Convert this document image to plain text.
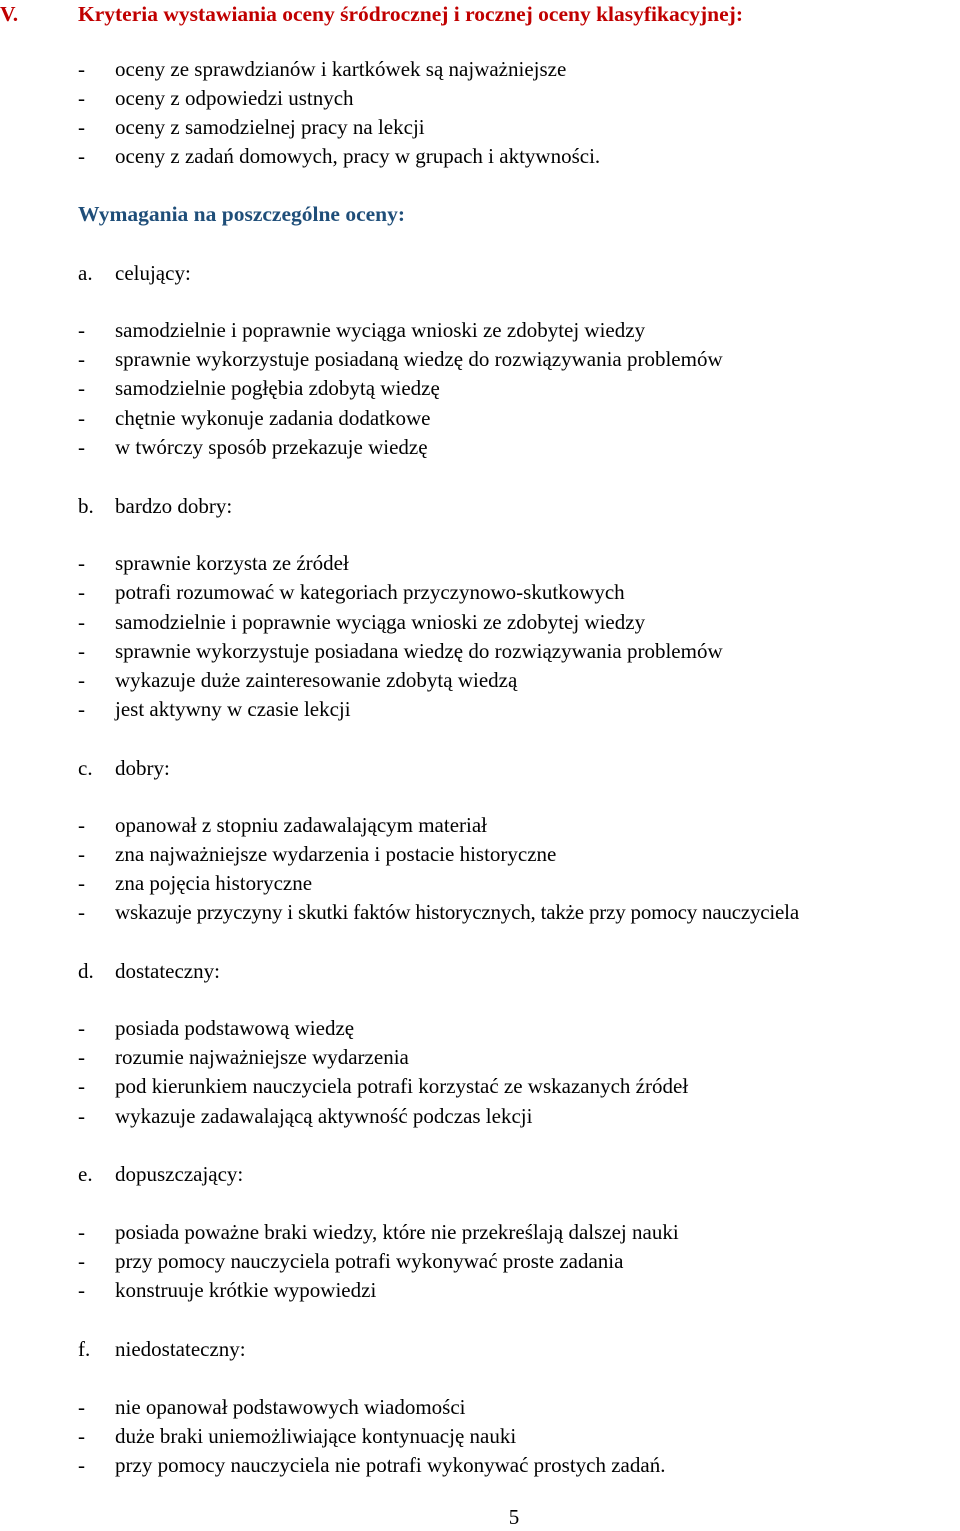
V.	Kryteria wystawiania oceny śródrocznej i rocznej oceny klasyfikacyjnej:
- oceny ze sprawdzianów i kartkówek są najważniejsze
- oceny z odpowiedzi ustnych
- oceny z samodzielnej pracy na lekcji
- oceny z zadań domowych, pracy w grupach i aktywności.
Wymagania na poszczególne oceny:
a. celujący:
- samodzielnie i poprawnie wyciąga wnioski ze zdobytej wiedzy
- sprawnie wykorzystuje posiadaną wiedzę do rozwiązywania problemów
- samodzielnie pogłębia zdobytą wiedzę
- chętnie wykonuje zadania dodatkowe
- w twórczy sposób przekazuje wiedzę
b. bardzo dobry:
- sprawnie korzysta ze źródeł
- potrafi rozumować w kategoriach przyczynowo-skutkowych
- samodzielnie i poprawnie wyciąga wnioski ze zdobytej wiedzy
- sprawnie wykorzystuje posiadana wiedzę do rozwiązywania problemów
- wykazuje duże zainteresowanie zdobytą wiedzą
- jest aktywny w czasie lekcji
c. dobry:
- opanował z stopniu zadawalającym materiał
- zna najważniejsze wydarzenia i postacie historyczne
- zna pojęcia historyczne
- wskazuje przyczyny i skutki faktów historycznych, także przy pomocy nauczyciela
d. dostateczny:
- posiada podstawową wiedzę
- rozumie najważniejsze wydarzenia
- pod kierunkiem nauczyciela potrafi korzystać ze wskazanych źródeł
- wykazuje zadawalającą aktywność podczas lekcji
e. dopuszczający:
- posiada poważne braki wiedzy, które nie przekreślają dalszej nauki
- przy pomocy nauczyciela potrafi wykonywać proste zadania
- konstruuje krótkie wypowiedzi
f. niedostateczny:
- nie opanował podstawowych wiadomości
- duże braki uniemożliwiające kontynuację nauki
- przy pomocy nauczyciela nie potrafi wykonywać prostych zadań.
5
